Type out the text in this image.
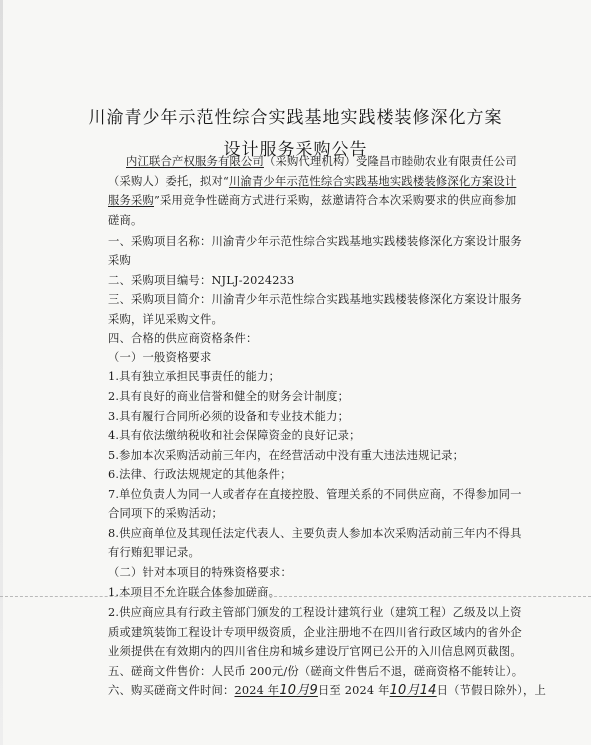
川渝青少年示范性综合实践基地实践楼装修深化方案
设计服务采购公告
内江联合产权服务有限公司（采购代理机构）受隆昌市睦勋农业有限责任公司
（采购人）委托，拟对“川渝青少年示范性综合实践基地实践楼装修深化方案设计
服务采购”采用竞争性磋商方式进行采购，兹邀请符合本次采购要求的供应商参加
磋商。
一、采购项目名称：川渝青少年示范性综合实践基地实践楼装修深化方案设计服务
采购
二、采购项目编号：NJLJ-2024233
三、采购项目简介：川渝青少年示范性综合实践基地实践楼装修深化方案设计服务
采购，详见采购文件。
四、合格的供应商资格条件：
（一）一般资格要求
1.具有独立承担民事责任的能力；
2.具有良好的商业信誉和健全的财务会计制度；
3.具有履行合同所必须的设备和专业技术能力；
4.具有依法缴纳税收和社会保障资金的良好记录；
5.参加本次采购活动前三年内，在经营活动中没有重大违法违规记录；
6.法律、行政法规规定的其他条件；
7.单位负责人为同一人或者存在直接控股、管理关系的不同供应商，不得参加同一
合同项下的采购活动；
8.供应商单位及其现任法定代表人、主要负责人参加本次采购活动前三年内不得具
有行贿犯罪记录。
（二）针对本项目的特殊资格要求：
1.本项目不允许联合体参加磋商。
2.供应商应具有行政主管部门颁发的工程设计建筑行业（建筑工程）乙级及以上资
质或建筑装饰工程设计专项甲级资质，企业注册地不在四川省行政区域内的省外企
业须提供在有效期内的四川省住房和城乡建设厅官网已公开的入川信息网页截图。
五、磋商文件售价：人民币 200元/份（磋商文件售后不退，磋商资格不能转让）。
六、购买磋商文件时间：2024 年10月9日至 2024 年10月14日（节假日除外），上
